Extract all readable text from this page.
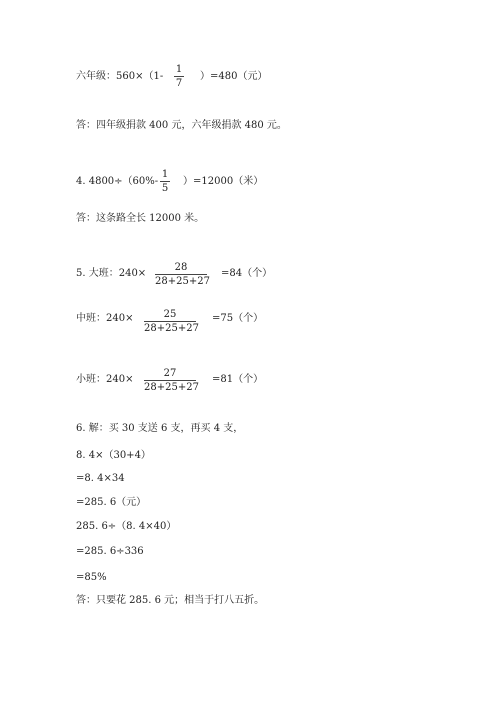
六年级：560×（1-
1
7
）=480（元）
答：四年级捐款 400 元，六年级捐款 480 元。
4. 4800÷（60%-
1
5
）=12000（米）
答：这条路全长 12000 米。
5. 大班：240×
28
28+25+27
=84（个）
中班：240×	25
28+25+27
=75（个）
小班：240×
27
28+25+27
=81（个）
6. 解：买 30 支送 6 支，再买 4 支，
8. 4×（30+4）
=8. 4×34
=285. 6（元）
285. 6÷（8. 4×40）
=285. 6÷336
=85%
答：只要花 285. 6 元；相当于打八五折。
